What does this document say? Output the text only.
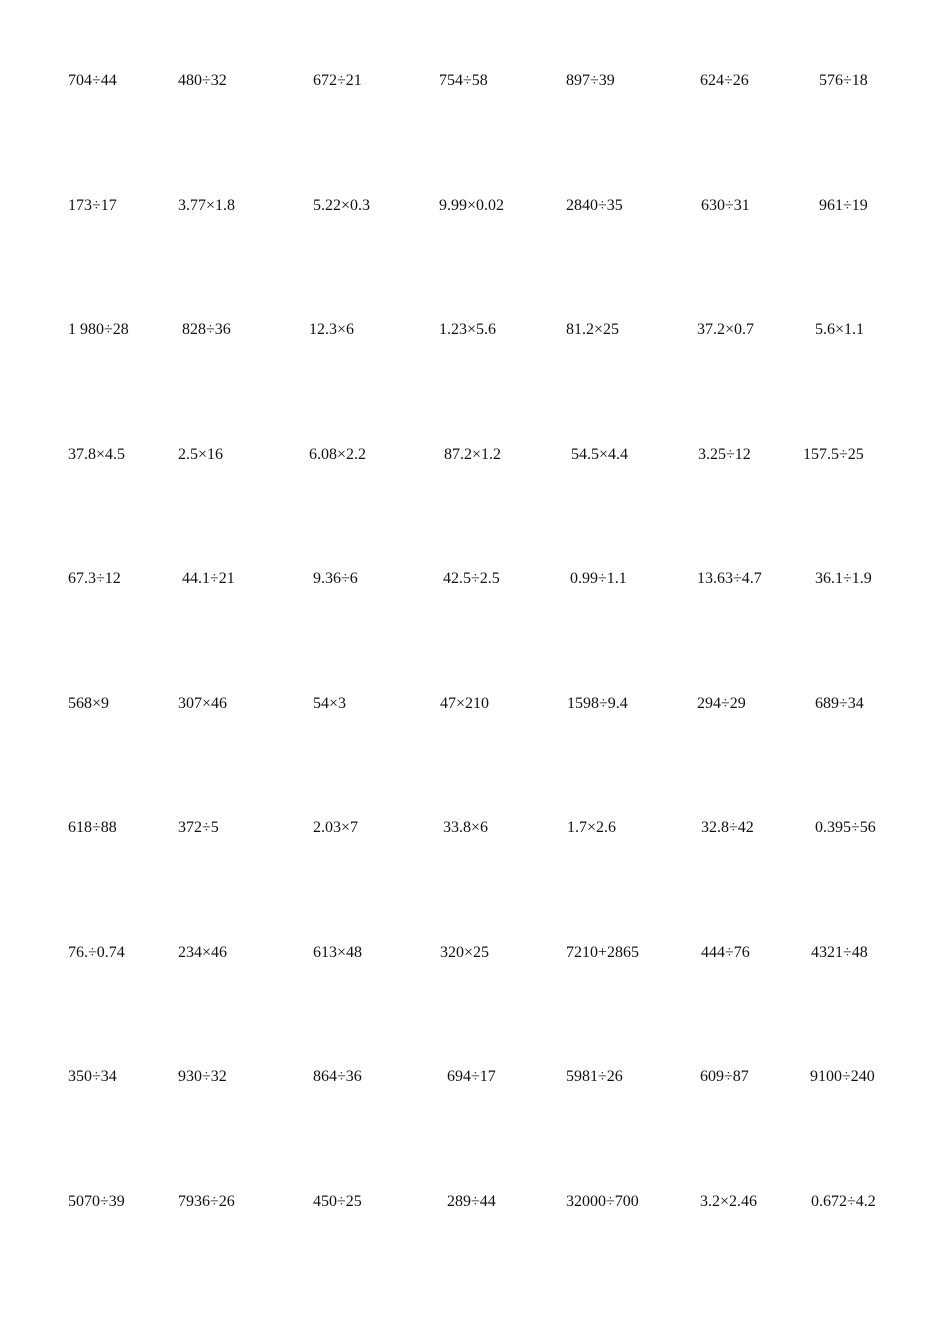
704÷44	480÷32	672÷21	754÷58	897÷39	624÷26	576÷18
173÷17	3.77×1.8	5.22×0.3	9.99×0.02	2840÷35	630÷31	961÷19
1 980÷28	828÷36	12.3×6	1.23×5.6	81.2×25	37.2×0.7	5.6×1.1
37.8×4.5	2.5×16	6.08×2.2	87.2×1.2	54.5×4.4	3.25÷12	157.5÷25
67.3÷12	44.1÷21	9.36÷6	42.5÷2.5	0.99÷1.1	13.63÷4.7	36.1÷1.9
568×9	307×46	54×3	47×210	1598÷9.4	294÷29	689÷34
618÷88	372÷5	2.03×7	33.8×6	1.7×2.6	32.8÷42	0.395÷56
76.÷0.74	234×46	613×48	320×25	7210+2865	444÷76	4321÷48
350÷34	930÷32	864÷36	694÷17	5981÷26	609÷87	9100÷240
5070÷39	7936÷26	450÷25	289÷44	32000÷700	3.2×2.46	0.672÷4.2
